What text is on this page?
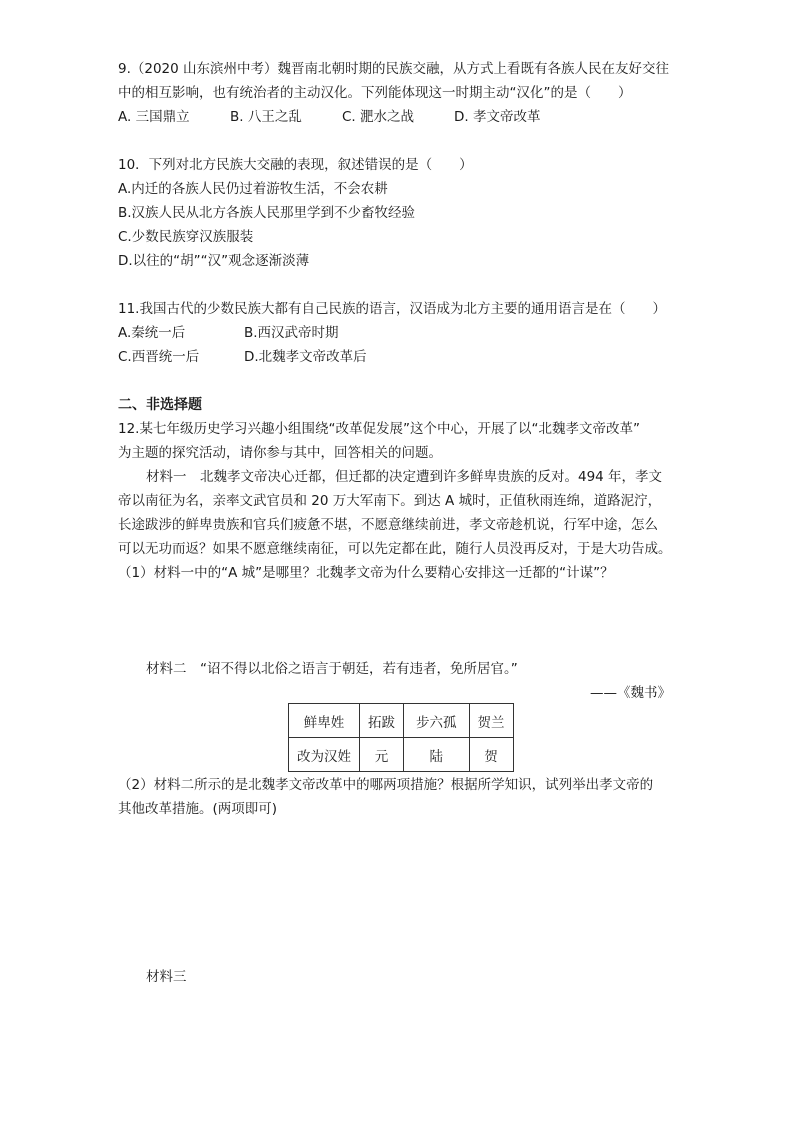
9.（2020 山东滨州中考）魏晋南北朝时期的民族交融，从方式上看既有各族人民在友好交往
中的相互影响，也有统治者的主动汉化。下列能体现这一时期主动“汉化”的是（　　）
A. 三国鼎立	B. 八王之乱	C. 淝水之战	D. 孝文帝改革
10．下列对北方民族大交融的表现，叙述错误的是（　　）
A.内迁的各族人民仍过着游牧生活，不会农耕
B.汉族人民从北方各族人民那里学到不少畜牧经验
C.少数民族穿汉族服装
D.以往的“胡”“汉”观念逐渐淡薄
11.我国古代的少数民族大都有自己民族的语言，汉语成为北方主要的通用语言是在（　　）
A.秦统一后	B.西汉武帝时期
C.西晋统一后	D.北魏孝文帝改革后
二、非选择题
12.某七年级历史学习兴趣小组围绕“改革促发展”这个中心，开展了以“北魏孝文帝改革”
为主题的探究活动，请你参与其中，回答相关的问题。
材料一　北魏孝文帝决心迁都，但迁都的决定遭到许多鲜卑贵族的反对。494 年，孝文
帝以南征为名，亲率文武官员和 20 万大军南下。到达 A 城时，正值秋雨连绵，道路泥泞，
长途跋涉的鲜卑贵族和官兵们疲惫不堪，不愿意继续前进，孝文帝趁机说，行军中途，怎么
可以无功而返？如果不愿意继续南征，可以先定都在此，随行人员没再反对，于是大功告成。
（1）材料一中的“A 城”是哪里？北魏孝文帝为什么要精心安排这一迁都的“计谋”？
材料二　“诏不得以北俗之语言于朝廷，若有违者，免所居官。”
——《魏书》
鲜卑姓	拓跋	步六孤	贺兰
改为汉姓	元	陆	贺
（2）材料二所示的是北魏孝文帝改革中的哪两项措施？根据所学知识，试列举出孝文帝的
其他改革措施。(两项即可)
材料三
